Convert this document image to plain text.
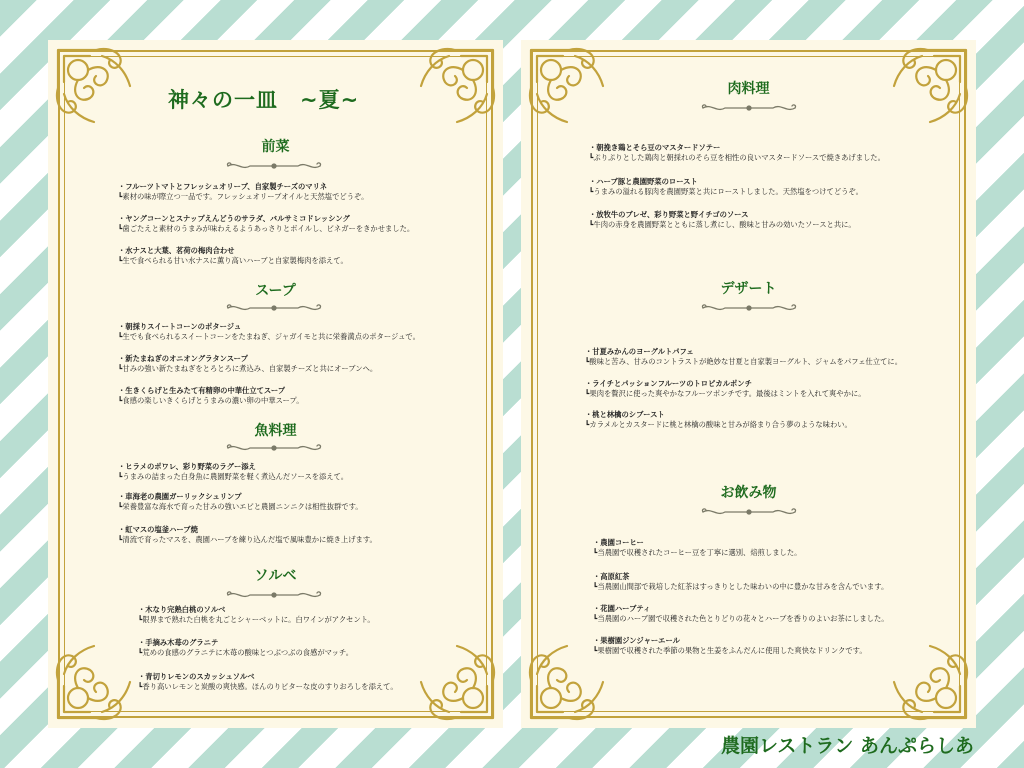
神々の一皿　~夏~
前菜
・フルーツトマトとフレッシュオリーブ、自家製チーズのマリネ
┗素材の味が際立つ一品です。フレッシュオリーブオイルと天然塩でどうぞ。
・ヤングコーンとスナップえんどうのサラダ、バルサミコドレッシング
┗歯ごたえと素材のうまみが味わえるようあっさりとボイルし、ビネガーをきかせました。
・水ナスと大葉、茗荷の梅肉合わせ
┗生で食べられる甘い水ナスに薫り高いハーブと自家製梅肉を添えて。
スープ
・朝採りスイートコーンのポタージュ
┗生でも食べられるスイートコーンをたまねぎ、ジャガイモと共に栄養満点のポタージュで。
・新たまねぎのオニオングラタンスープ
┗甘みの強い新たまねぎをとろとろに煮込み、自家製チーズと共にオーブンへ。
・生きくらげと生みたて有精卵の中華仕立てスープ
┗食感の楽しいきくらげとうまみの濃い卵の中華スープ。
魚料理
・ヒラメのポワレ、彩り野菜のラグー添え
┗うまみの詰まった白身魚に農園野菜を軽く煮込んだソースを添えて。
・車海老の農園ガーリックシュリンプ
┗栄養豊富な海水で育った甘みの強いエビと農園ニンニクは相性抜群です。
・虹マスの塩釜ハーブ焼
┗清流で育ったマスを、農園ハーブを練り込んだ塩で風味豊かに焼き上げます。
ソルベ
・木なり完熟白桃のソルベ
┗限界まで熟れた白桃を丸ごとシャーベットに。白ワインがアクセント。
・手摘み木苺のグラニテ
┗荒めの食感のグラニテに木苺の酸味とつぶつぶの食感がマッチ。
・青切りレモンのスカッシュソルベ
┗香り高いレモンと炭酸の爽快感。ほんのりビターな皮のすりおろしを添えて。
肉料理
・朝挽き鶏とそら豆のマスタードソテー
┗ぷりぷりとした鶏肉と朝採れのそら豆を相性の良いマスタードソースで焼きあげました。
・ハーブ豚と農園野菜のロースト
┗うまみの溢れる豚肉を農園野菜と共にローストしました。天然塩をつけてどうぞ。
・放牧牛のブレゼ、彩り野菜と野イチゴのソース
┗牛肉の赤身を農園野菜とともに蒸し煮にし、酸味と甘みの効いたソースと共に。
デザート
・甘夏みかんのヨーグルトパフェ
┗酸味と苦み、甘みのコントラストが絶妙な甘夏と自家製ヨーグルト、ジャムをパフェ仕立てに。
・ライチとパッションフルーツのトロピカルポンチ
┗果肉を贅沢に使った爽やかなフルーツポンチです。最後はミントを入れて爽やかに。
・桃と林檎のシブースト
┗カラメルとカスタードに桃と林檎の酸味と甘みが絡まり合う夢のような味わい。
お飲み物
・農園コーヒー
┗当農園で収穫されたコーヒー豆を丁寧に選別、焙煎しました。
・高原紅茶
┗当農園山間部で栽培した紅茶はすっきりとした味わいの中に豊かな甘みを含んでいます。
・花園ハーブティ
┗当農園のハーブ園で収穫された色とりどりの花々とハーブを香りのよいお茶にしました。
・果樹園ジンジャーエール
┗果樹園で収穫された季節の果物と生姜をふんだんに使用した爽快なドリンクです。
農園レストラン あんぷらしあ
